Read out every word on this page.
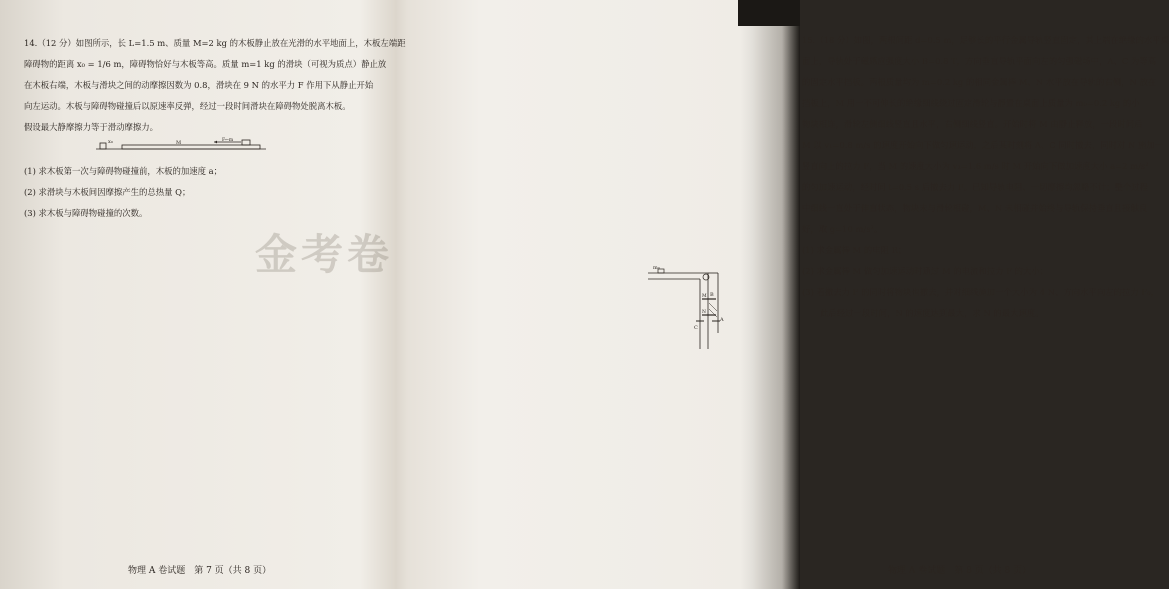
14.（12 分）如图所示，长 L=1.5 m、质量 M=2 kg 的木板静止放在光滑的水平地面上，木板左端距
障碍物的距离 x₀ = 1/6 m，障碍物恰好与木板等高。质量 m=1 kg 的滑块（可视为质点）静止放
在木板右端，木板与滑块之间的动摩擦因数为 0.8，滑块在 9 N 的水平力 F 作用下从静止开始
向左运动。木板与障碍物碰撞后以原速率反弹，经过一段时间滑块在障碍物处脱离木板。
假设最大静摩擦力等于滑动摩擦力。
(1) 求木板第一次与障碍物碰撞前，木板的加速度 a；
(2) 求滑块与木板间因摩擦产生的总热量 Q；
(3) 求木板与障碍物碰撞的次数。
x₀	M	F←m
物理 A 卷试题　第 7 页（共 8 页）
15.（18 分）如图，两根间距 d=0.5 m，足够长的平行金属导轨竖直固定，其上端在绝缘的水平桌
面上，导轨处于磁感应强度大小 B=0.8 T，方向垂直导轨平面向左的匀强磁场中，A、C 为等高
的固定水平挡板。两根质量均为 m=0.2 kg 的相同金属棒 M、N 水平放在导轨的右侧，N 放在
挡板上，M 用一不可伸长的绝缘细线绕过固定滑轮与静置在桌面上质量为 m₀=0.2 kg 的小
物块相连，滑轮左侧细线竖直且水平，右侧细线竖直。开始时将 M 由静止释放，一段时间后
M 以 v₁=0.8 m/s 的速度开始向下做匀速运动，之后某时刻将 A、C 同时撤去，同时对 N 施加一
竖直向上的拉力 F，当 M 的速度大小为 v₂=1.6 m/s 时 M 开始向下做加速度大小 a=2 m/s²
的匀加速运动，经时间 t=0.5 s 后撤去力 F。已知导轨电阻、一切摩擦均忽略不计；整个过程
中细线一直处于伸直状态，物块未与滑轮相碰，M、N 未相碰并始终与导轨保持垂直且接触良
好，取 g=10 m/s²。
(1) 求金属棒 M 的电阻 R；
(2) 求金属棒 M 做匀加速运动时通过 M 的电流和拉力 F 的大小；
(3) 若撤去力 F 的同时将物块也撤去，并对细线施加一个大小为 4 N、方向水平向左的拉力 F₀，
此后经过一段时间，N 的速度达到最大，求 N 的最大速度。
物理 A 卷试题　第 8 页（共 8 页）
m₀
B
A
C
M
N
金考卷
